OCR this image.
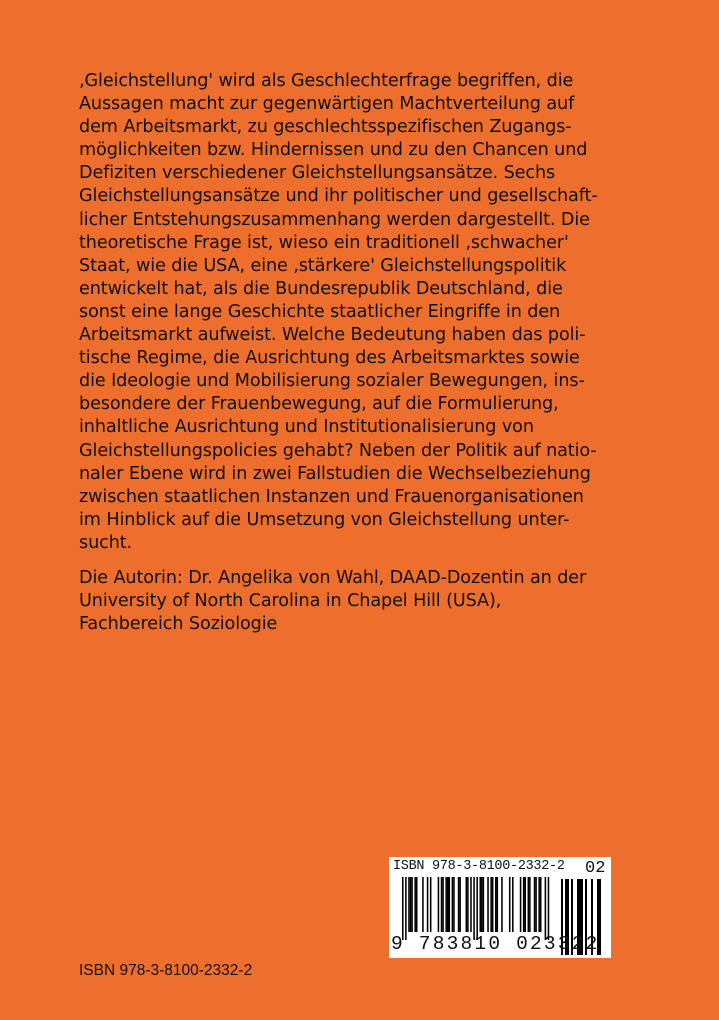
‚Gleichstellung' wird als Geschlechterfrage begriffen, die
Aussagen macht zur gegenwärtigen Machtverteilung auf
dem Arbeitsmarkt, zu geschlechtsspezifischen Zugangs-
möglichkeiten bzw. Hindernissen und zu den Chancen und
Defiziten verschiedener Gleichstellungsansätze. Sechs
Gleichstellungsansätze und ihr politischer und gesellschaft-
licher Entstehungszusammenhang werden dargestellt. Die
theoretische Frage ist, wieso ein traditionell ‚schwacher'
Staat, wie die USA, eine ‚stärkere' Gleichstellungspolitik
entwickelt hat, als die Bundesrepublik Deutschland, die
sonst eine lange Geschichte staatlicher Eingriffe in den
Arbeitsmarkt aufweist. Welche Bedeutung haben das poli-
tische Regime, die Ausrichtung des Arbeitsmarktes sowie
die Ideologie und Mobilisierung sozialer Bewegungen, ins-
besondere der Frauenbewegung, auf die Formulierung,
inhaltliche Ausrichtung und Institutionalisierung von
Gleichstellungspolicies gehabt? Neben der Politik auf natio-
naler Ebene wird in zwei Fallstudien die Wechselbeziehung
zwischen staatlichen Instanzen und Frauenorganisationen
im Hinblick auf die Umsetzung von Gleichstellung unter-
sucht.
Die Autorin: Dr. Angelika von Wahl, DAAD-Dozentin an der
University of North Carolina in Chapel Hill (USA),
Fachbereich Soziologie
ISBN 978-3-8100-2332-2 02
9 783810 023322
ISBN 978-3-8100-2332-2
